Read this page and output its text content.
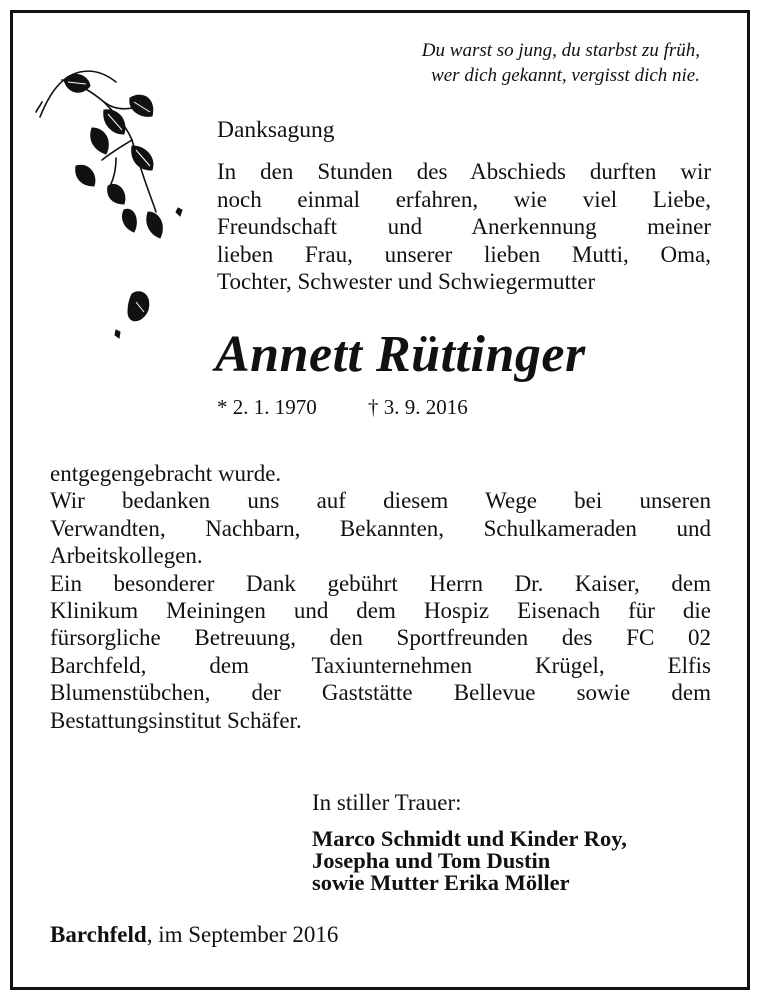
Du warst so jung, du starbst zu früh,
wer dich gekannt, vergisst dich nie.
Danksagung
In den Stunden des Abschieds durften wir
noch einmal erfahren, wie viel Liebe,
Freundschaft und Anerkennung meiner
lieben Frau, unserer lieben Mutti, Oma,
Tochter, Schwester und Schwiegermutter
Annett Rüttinger
* 2. 1. 1970 † 3. 9. 2016
entgegengebracht wurde.
Wir bedanken uns auf diesem Wege bei unseren
Verwandten, Nachbarn, Bekannten, Schulkameraden und
Arbeitskollegen.
Ein besonderer Dank gebührt Herrn Dr. Kaiser, dem
Klinikum Meiningen und dem Hospiz Eisenach für die
fürsorgliche Betreuung, den Sportfreunden des FC 02
Barchfeld, dem Taxiunternehmen Krügel, Elfis
Blumenstübchen, der Gaststätte Bellevue sowie dem
Bestattungsinstitut Schäfer.
In stiller Trauer:
Marco Schmidt und Kinder Roy,
Josepha und Tom Dustin
sowie Mutter Erika Möller
Barchfeld, im September 2016
